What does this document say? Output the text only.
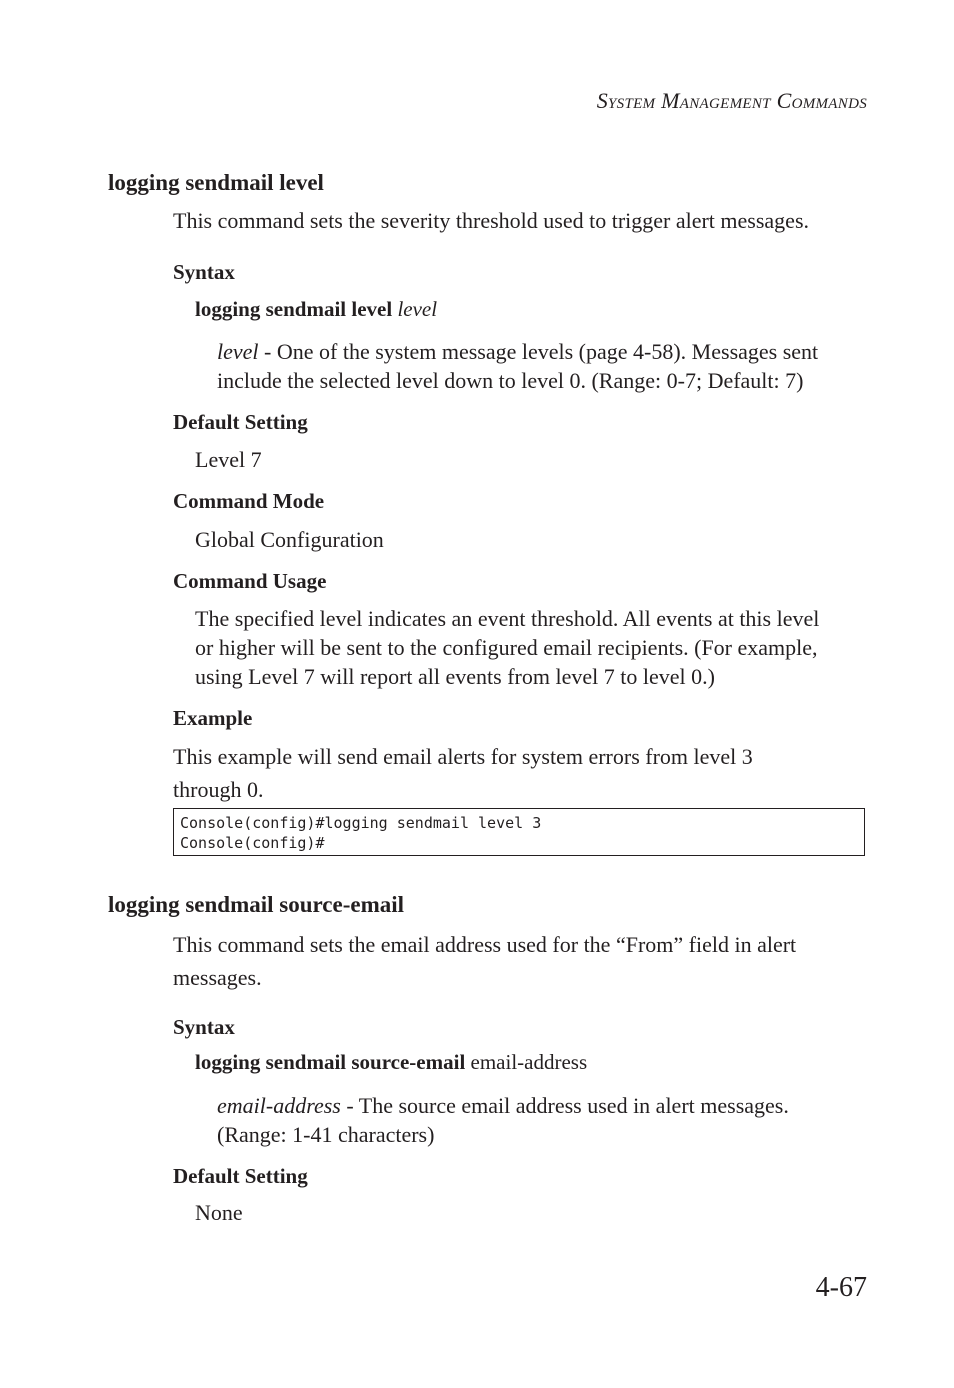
System Management Commands
logging sendmail level
This command sets the severity threshold used to trigger alert messages.
Syntax
logging sendmail level level
level - One of the system message levels (page 4-58). Messages sent
include the selected level down to level 0. (Range: 0-7; Default: 7)
Default Setting
Level 7
Command Mode
Global Configuration
Command Usage
The specified level indicates an event threshold. All events at this level
or higher will be sent to the configured email recipients. (For example,
using Level 7 will report all events from level 7 to level 0.)
Example
This example will send email alerts for system errors from level 3
through 0.
Console(config)#logging sendmail level 3
Console(config)#
logging sendmail source-email
This command sets the email address used for the “From” field in alert
messages.
Syntax
logging sendmail source-email email-address
email-address - The source email address used in alert messages.
(Range: 1-41 characters)
Default Setting
None
4-67
